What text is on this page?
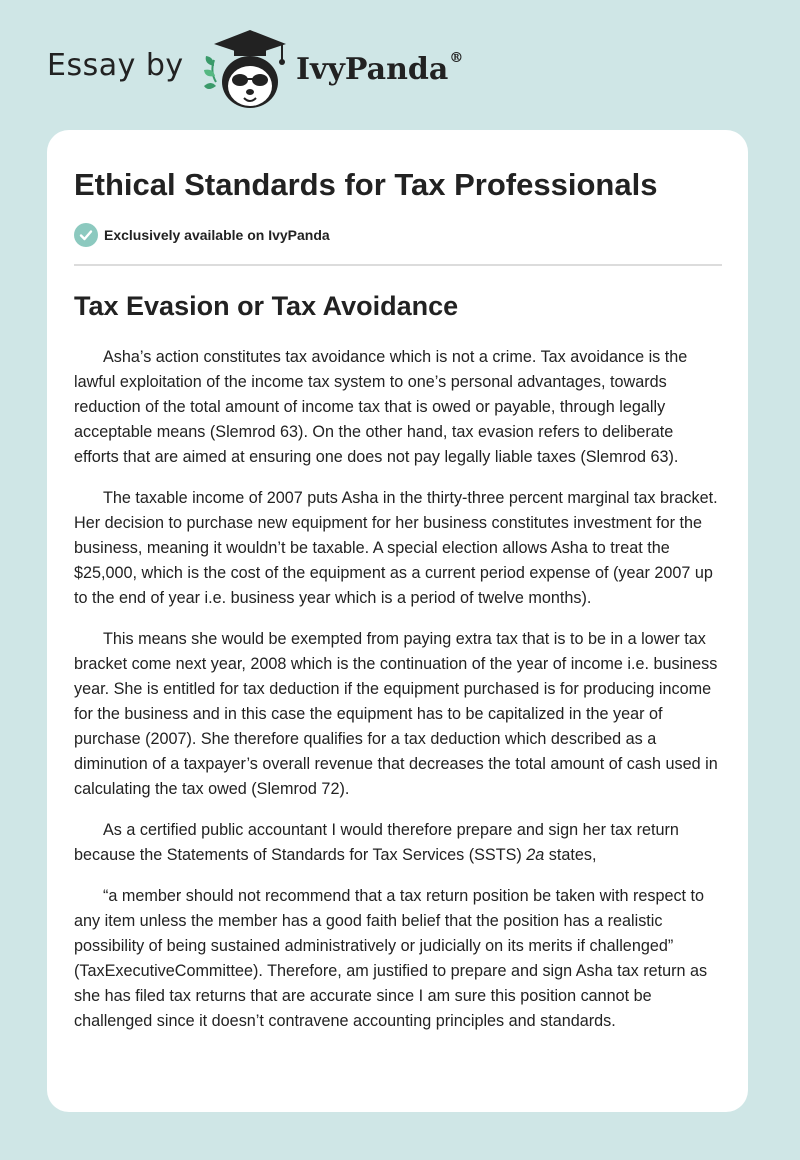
Essay by	IvyPanda®
Ethical Standards for Tax Professionals
Exclusively available on IvyPanda
Tax Evasion or Tax Avoidance

Asha’s action constitutes tax avoidance which is not a crime. Tax avoidance is the lawful exploitation of the income tax system to one’s personal advantages, towards reduction of the total amount of income tax that is owed or payable, through legally acceptable means (Slemrod 63). On the other hand, tax evasion refers to deliberate efforts that are aimed at ensuring one does not pay legally liable taxes (Slemrod 63).

The taxable income of 2007 puts Asha in the thirty-three percent marginal tax bracket. Her decision to purchase new equipment for her business constitutes investment for the business, meaning it wouldn’t be taxable. A special election allows Asha to treat the $25,000, which is the cost of the equipment as a current period expense of (year 2007 up to the end of year i.e. business year which is a period of twelve months).

This means she would be exempted from paying extra tax that is to be in a lower tax bracket come next year, 2008 which is the continuation of the year of income i.e. business year. She is entitled for tax deduction if the equipment purchased is for producing income for the business and in this case the equipment has to be capitalized in the year of purchase (2007). She therefore qualifies for a tax deduction which described as a diminution of a taxpayer’s overall revenue that decreases the total amount of cash used in calculating the tax owed (Slemrod 72).

As a certified public accountant I would therefore prepare and sign her tax return because the Statements of Standards for Tax Services (SSTS) 2a states,

“a member should not recommend that a tax return position be taken with respect to any item unless the member has a good faith belief that the position has a realistic possibility of being sustained administratively or judicially on its merits if challenged” (TaxExecutiveCommittee). Therefore, am justified to prepare and sign Asha tax return as she has filed tax returns that are accurate since I am sure this position cannot be challenged since it doesn’t contravene accounting principles and standards.
